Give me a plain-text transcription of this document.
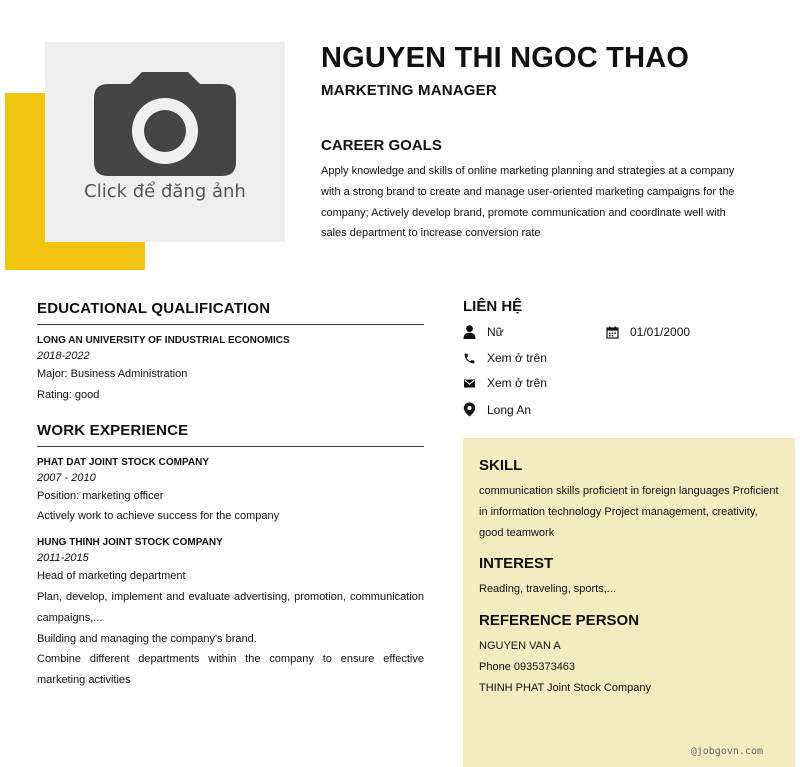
Click để đăng ảnh
NGUYEN THI NGOC THAO
MARKETING MANAGER
CAREER GOALS
Apply knowledge and skills of online marketing planning and strategies at a company with a strong brand to create and manage user-oriented marketing campaigns for the company; Actively develop brand, promote communication and coordinate well with sales department to increase conversion rate
EDUCATIONAL QUALIFICATION
LONG AN UNIVERSITY OF INDUSTRIAL ECONOMICS
2018-2022
Major: Business Administration
Rating: good
WORK EXPERIENCE
PHAT DAT JOINT STOCK COMPANY
2007 - 2010
Position: marketing officer
Actively work to achieve success for the company
HUNG THINH JOINT STOCK COMPANY
2011-2015
Head of marketing department
Plan, develop, implement and evaluate advertising, promotion, communication campaigns,...
Building and managing the company's brand.
Combine different departments within the company to ensure effective marketing activities
LIÊN HỆ
Nữ	01/01/2000
Xem ở trên
Xem ở trên
Long An
SKILL
communication skills proficient in foreign languages Proficient in information technology Project management, creativity, good teamwork
INTEREST
Reading, traveling, sports,...
REFERENCE PERSON
NGUYEN VAN A
Phone 0935373463
THINH PHAT Joint Stock Company
@jobgovn.com
